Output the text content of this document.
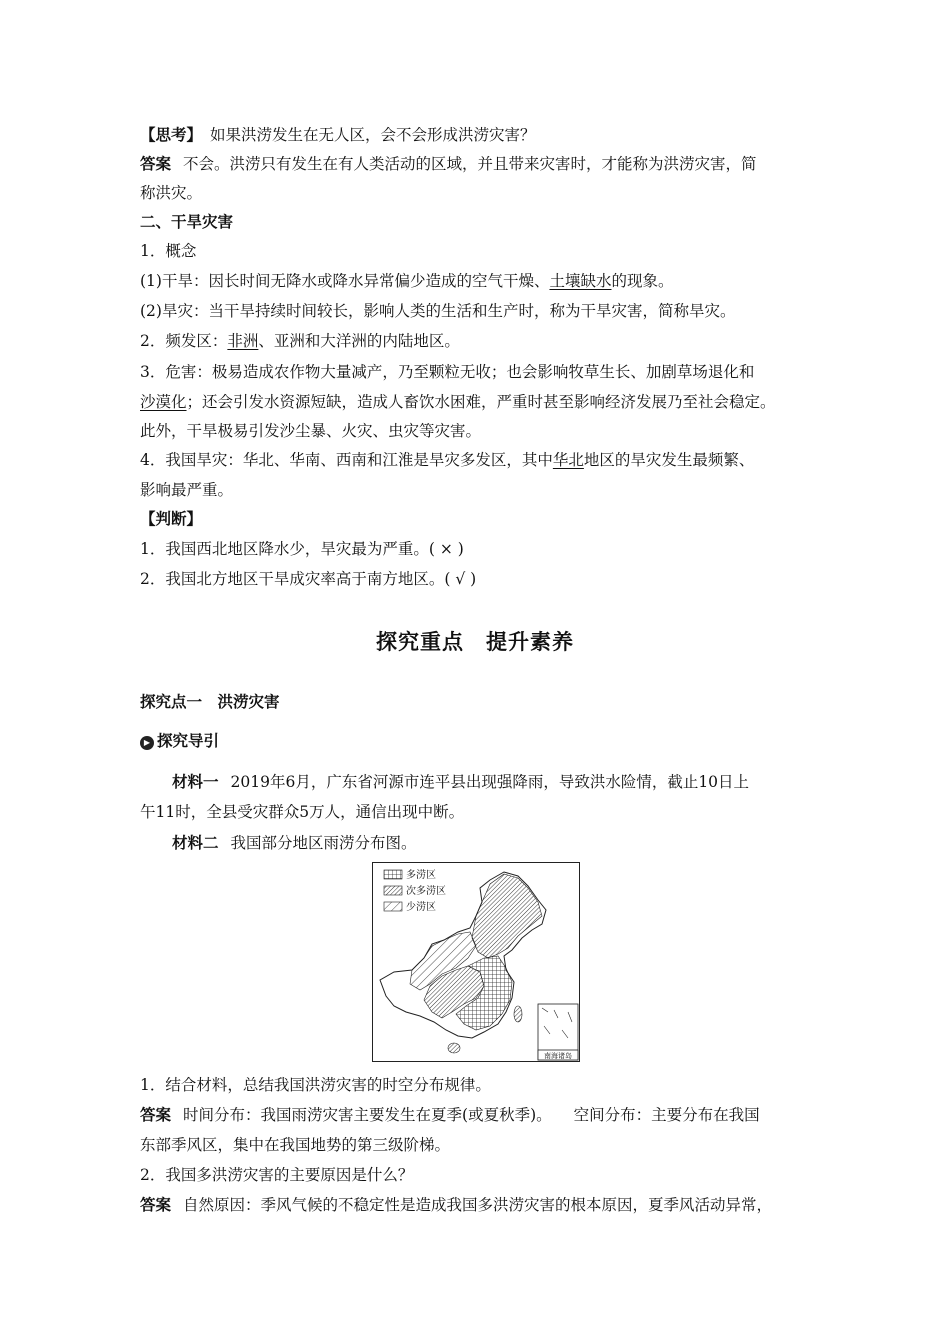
【思考】 如果洪涝发生在无人区，会不会形成洪涝灾害？
答案 不会。洪涝只有发生在有人类活动的区域，并且带来灾害时，才能称为洪涝灾害，简
称洪灾。
二、干旱灾害
1．概念
(1)干旱：因长时间无降水或降水异常偏少造成的空气干燥、土壤缺水的现象。
(2)旱灾：当干旱持续时间较长，影响人类的生活和生产时，称为干旱灾害，简称旱灾。
2．频发区：非洲、亚洲和大洋洲的内陆地区。
3．危害：极易造成农作物大量减产，乃至颗粒无收；也会影响牧草生长、加剧草场退化和
沙漠化；还会引发水资源短缺，造成人畜饮水困难，严重时甚至影响经济发展乃至社会稳定。
此外，干旱极易引发沙尘暴、火灾、虫灾等灾害。
4．我国旱灾：华北、华南、西南和江淮是旱灾多发区，其中华北地区的旱灾发生最频繁、
影响最严重。
【判断】
1．我国西北地区降水少，旱灾最为严重。( × )
2．我国北方地区干旱成灾率高于南方地区。( √ )
探究重点　提升素养
探究点一　洪涝灾害
▶ 探究导引
材料一 2019年6月，广东省河源市连平县出现强降雨，导致洪水险情，截止10日上
午11时，全县受灾群众5万人，通信出现中断。
材料二 我国部分地区雨涝分布图。
多涝区
次多涝区
少涝区
南海诸岛
1．结合材料，总结我国洪涝灾害的时空分布规律。
答案 时间分布：我国雨涝灾害主要发生在夏季(或夏秋季)。 空间分布：主要分布在我国
东部季风区，集中在我国地势的第三级阶梯。
2．我国多洪涝灾害的主要原因是什么？
答案 自然原因：季风气候的不稳定性是造成我国多洪涝灾害的根本原因，夏季风活动异常，
